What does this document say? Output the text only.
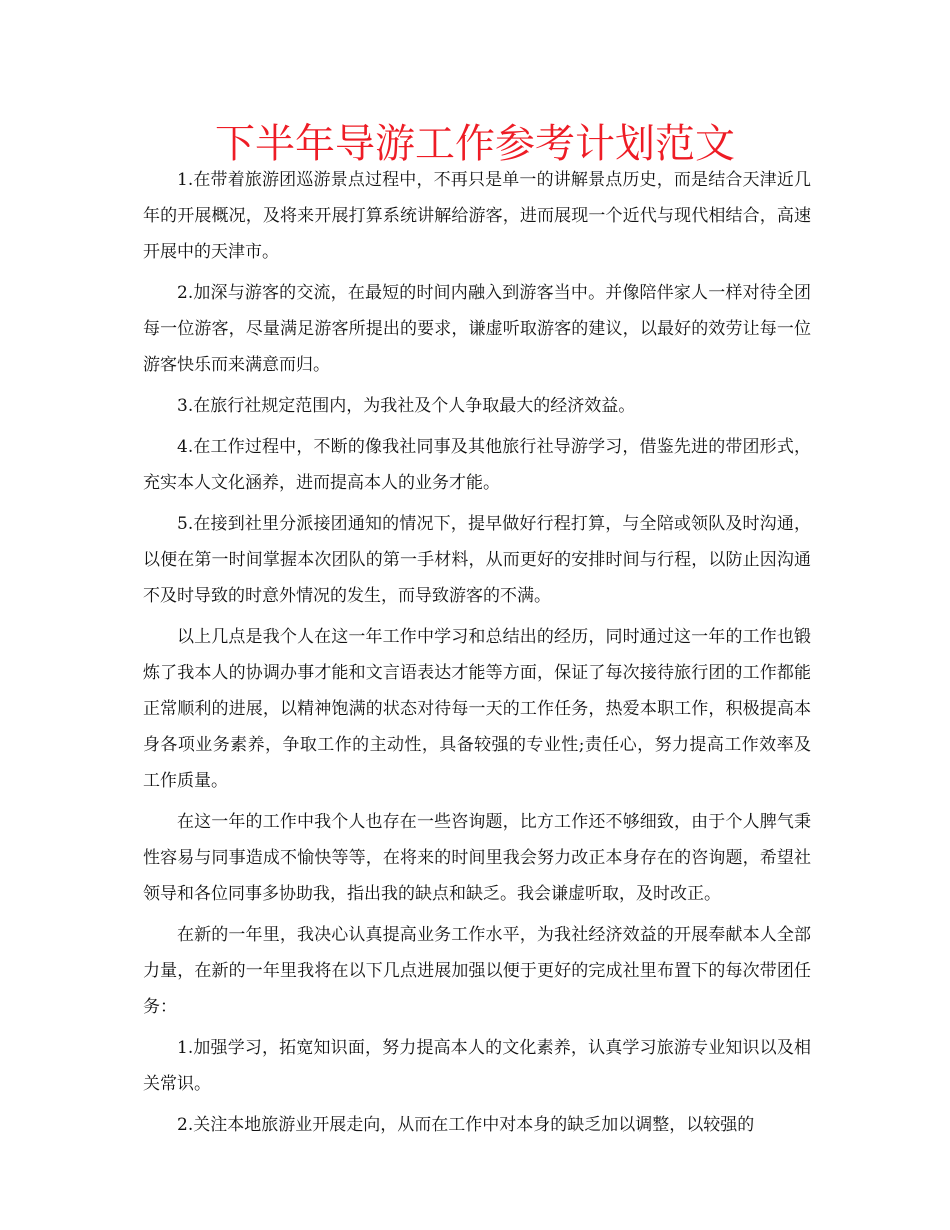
下半年导游工作参考计划范文

1.在带着旅游团巡游景点过程中，不再只是单一的讲解景点历史，而是结合天津近几年的开展概况，及将来开展打算系统讲解给游客，进而展现一个近代与现代相结合，高速开展中的天津市。

2.加深与游客的交流，在最短的时间内融入到游客当中。并像陪伴家人一样对待全团每一位游客，尽量满足游客所提出的要求，谦虚听取游客的建议，以最好的效劳让每一位游客快乐而来满意而归。

3.在旅行社规定范围内，为我社及个人争取最大的经济效益。

4.在工作过程中，不断的像我社同事及其他旅行社导游学习，借鉴先进的带团形式，充实本人文化涵养，进而提高本人的业务才能。

5.在接到社里分派接团通知的情况下，提早做好行程打算，与全陪或领队及时沟通，以便在第一时间掌握本次团队的第一手材料，从而更好的安排时间与行程，以防止因沟通不及时导致的时意外情况的发生，而导致游客的不满。

以上几点是我个人在这一年工作中学习和总结出的经历，同时通过这一年的工作也锻炼了我本人的协调办事才能和文言语表达才能等方面，保证了每次接待旅行团的工作都能正常顺利的进展，以精神饱满的状态对待每一天的工作任务，热爱本职工作，积极提高本身各项业务素养，争取工作的主动性，具备较强的专业性;责任心，努力提高工作效率及工作质量。

在这一年的工作中我个人也存在一些咨询题，比方工作还不够细致，由于个人脾气秉性容易与同事造成不愉快等等，在将来的时间里我会努力改正本身存在的咨询题，希望社领导和各位同事多协助我，指出我的缺点和缺乏。我会谦虚听取，及时改正。

在新的一年里，我决心认真提高业务工作水平，为我社经济效益的开展奉献本人全部力量，在新的一年里我将在以下几点进展加强以便于更好的完成社里布置下的每次带团任务：

1.加强学习，拓宽知识面，努力提高本人的文化素养，认真学习旅游专业知识以及相关常识。

2.关注本地旅游业开展走向，从而在工作中对本身的缺乏加以调整，以较强的
